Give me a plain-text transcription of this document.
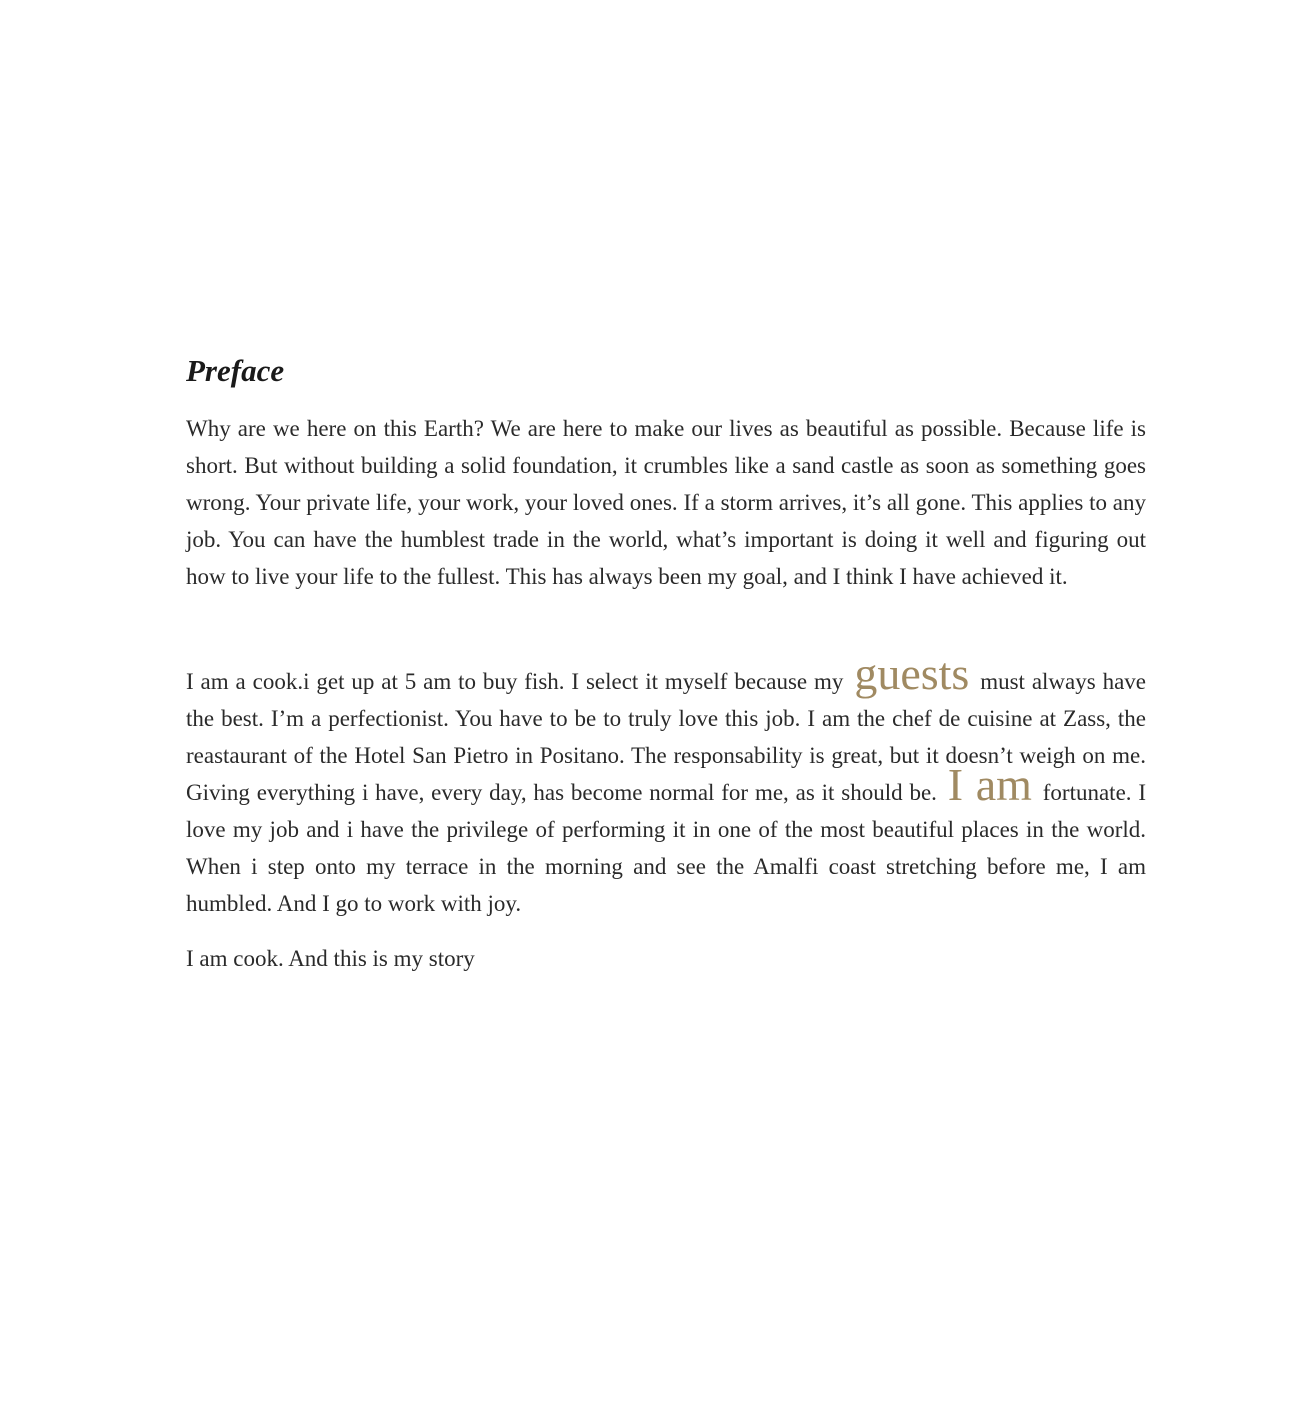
Preface

Why are we here on this Earth? We are here to make our lives as beautiful as possible. Because life is short. But without building a solid foundation, it crumbles like a sand castle as soon as something goes wrong. Your private life, your work, your loved ones. If a storm arrives, it’s all gone. This applies to any job. You can have the humblest trade in the world, what’s important is doing it well and figuring out how to live your life to the fullest. This has always been my goal, and I think I have achieved it.

I am a cook.i get up at 5 am to buy fish. I select it myself because my guests must always have the best. I’m a perfectionist. You have to be to truly love this job. I am the chef de cuisine at Zass, the reastaurant of the Hotel San Pietro in Positano. The responsability is great, but it doesn’t weigh on me. Giving everything i have, every day, has become normal for me, as it should be. I am fortunate. I love my job and i have the privilege of performing it in one of the most beautiful places in the world. When i step onto my terrace in the morning and see the Amalfi coast stretching before me, I am humbled. And I go to work with joy.

I am cook. And this is my story
